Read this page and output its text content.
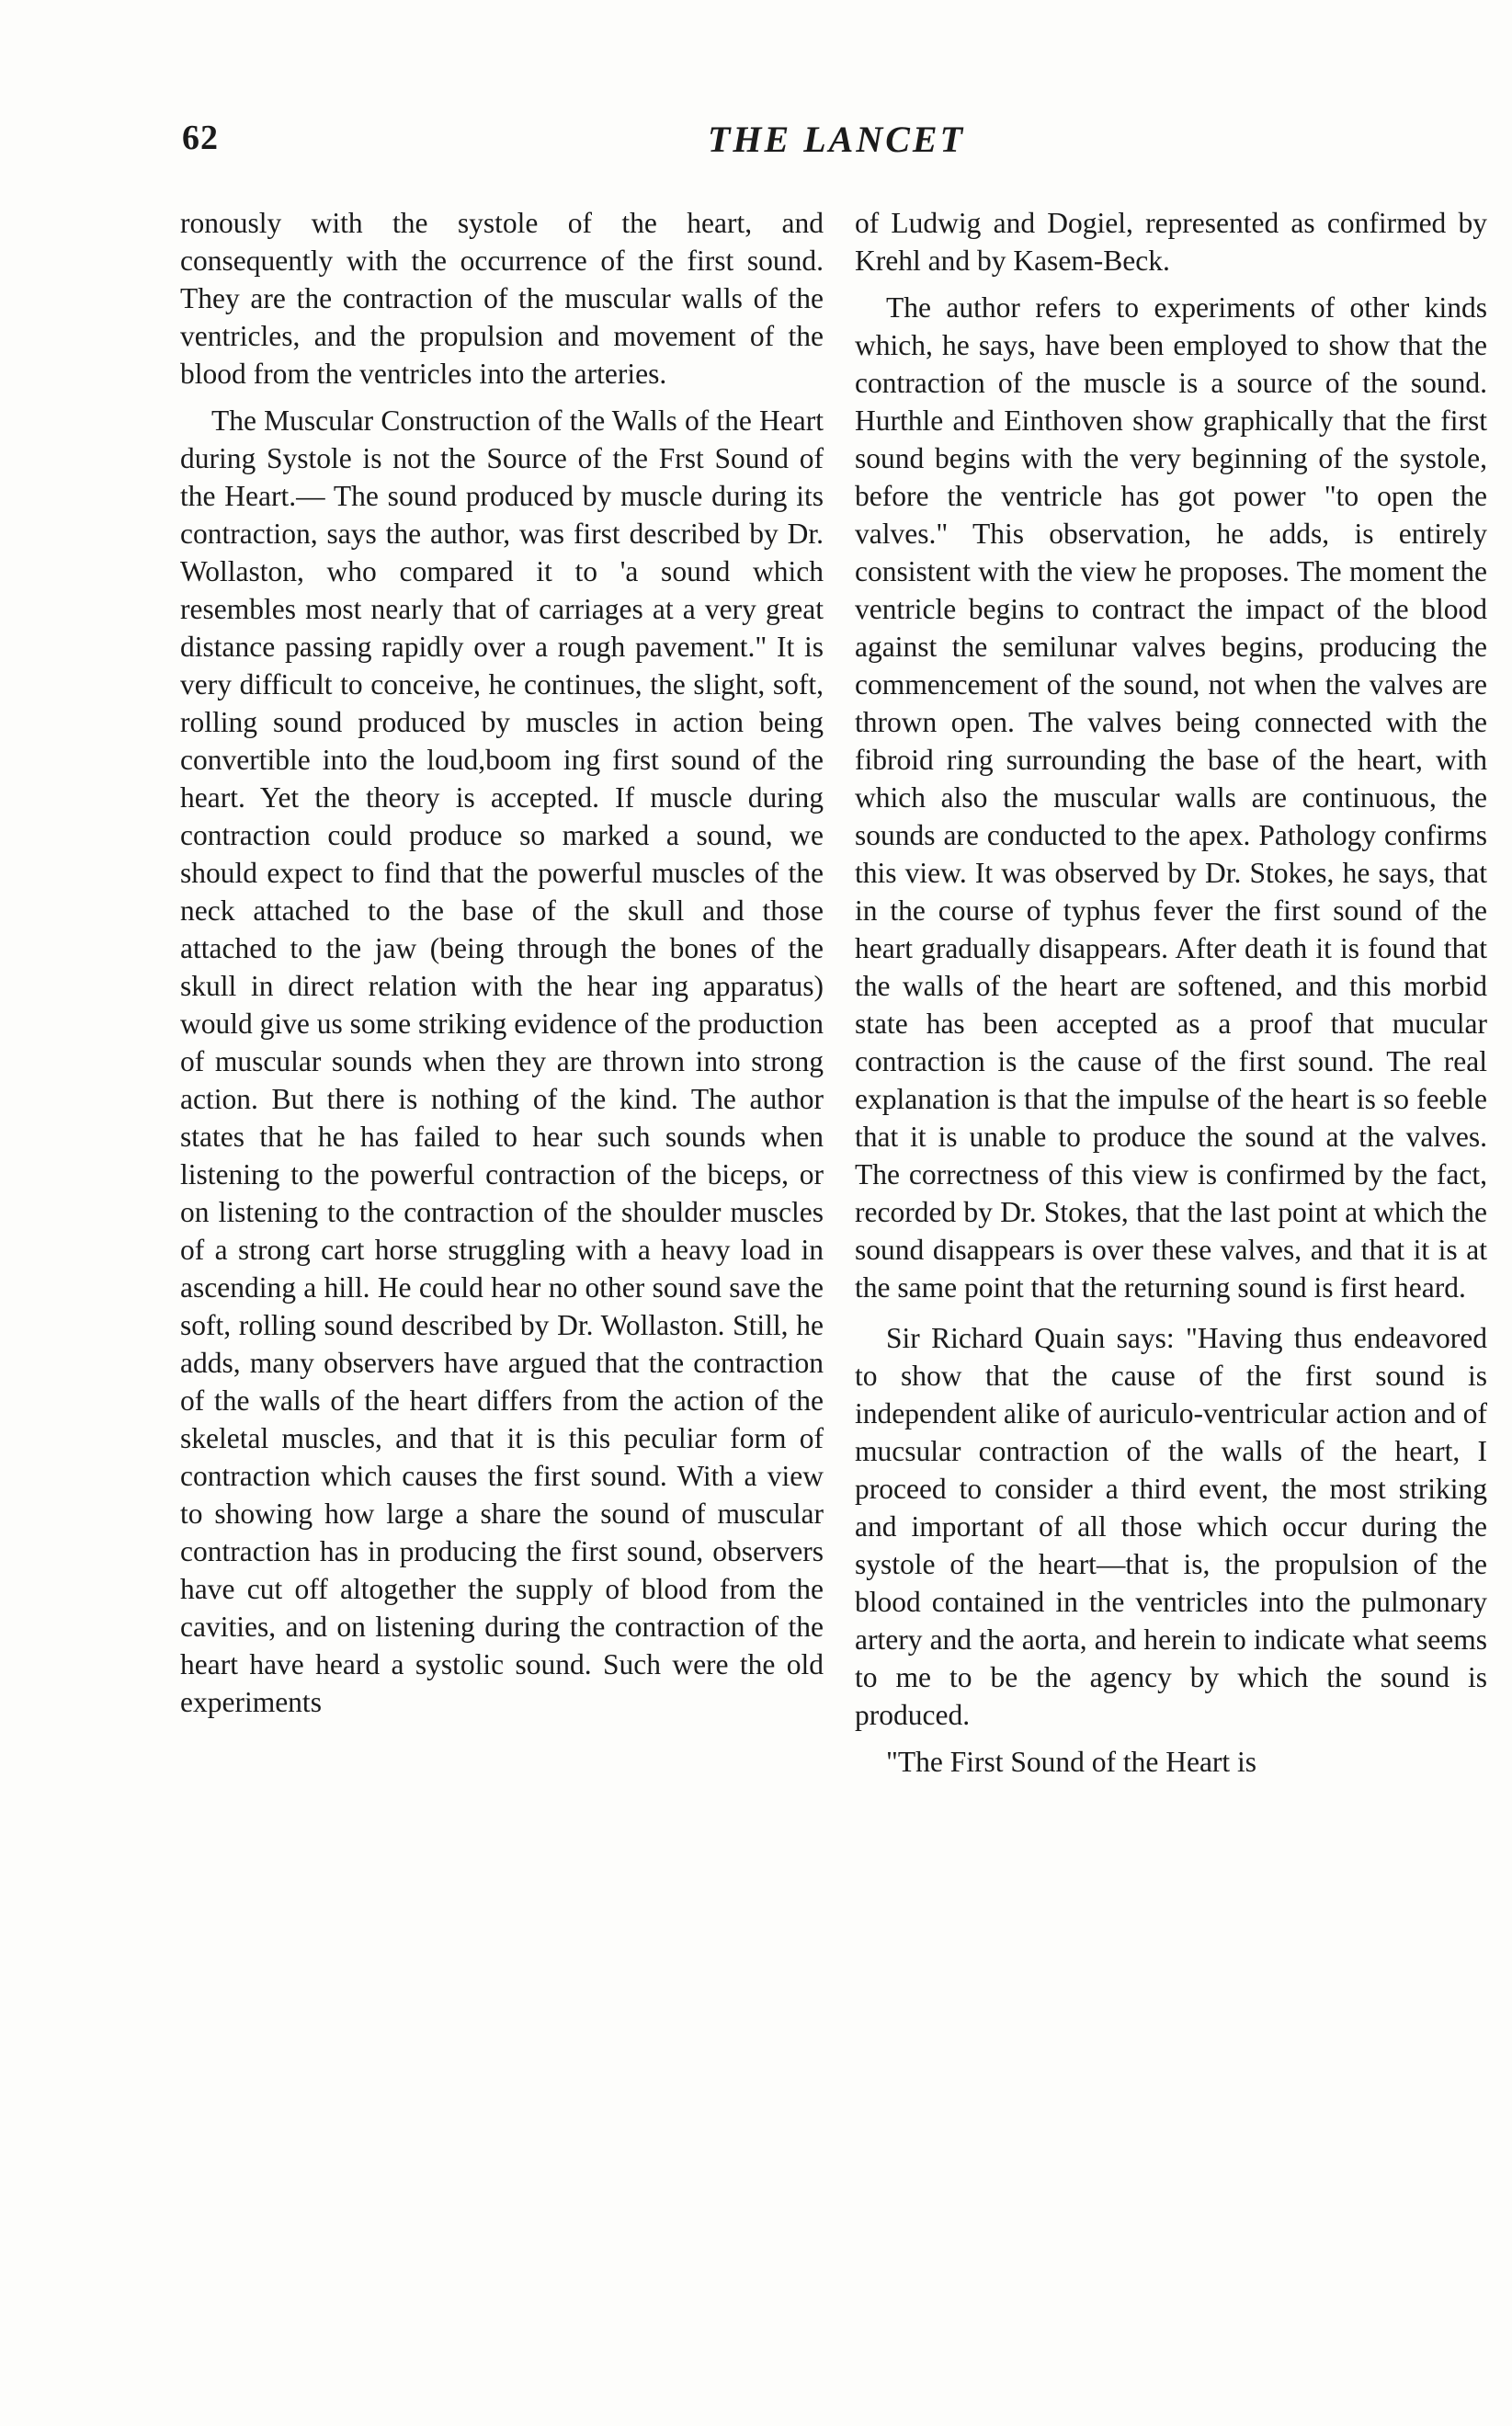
62	THE LANCET

ronously with the systole of the heart, and consequently with the occurrence of the first sound. They are the contraction of the muscular walls of the ventricles, and the propulsion and movement of the blood from the ventricles into the arteries.

The Muscular Construction of the Walls of the Heart during Systole is not the Source of the Frst Sound of the Heart.— The sound produced by muscle during its contraction, says the author, was first described by Dr. Wollaston, who compared it to 'a sound which resembles most nearly that of carriages at a very great distance passing rapidly over a rough pavement." It is very difficult to conceive, he continues, the slight, soft, rolling sound produced by muscles in action being convertible into the loud,boom ing first sound of the heart. Yet the theory is accepted. If muscle during contraction could produce so marked a sound, we should expect to find that the powerful muscles of the neck attached to the base of the skull and those attached to the jaw (being through the bones of the skull in direct relation with the hear ing apparatus) would give us some striking evidence of the production of muscular sounds when they are thrown into strong action. But there is nothing of the kind. The author states that he has failed to hear such sounds when listening to the powerful contraction of the biceps, or on listening to the contraction of the shoulder muscles of a strong cart horse struggling with a heavy load in ascending a hill. He could hear no other sound save the soft, rolling sound described by Dr. Wollaston. Still, he adds, many observers have argued that the contraction of the walls of the heart differs from the action of the skeletal muscles, and that it is this peculiar form of contraction which causes the first sound. With a view to showing how large a share the sound of muscular contraction has in producing the first sound, observers have cut off altogether the supply of blood from the cavities, and on listening during the contraction of the heart have heard a systolic sound. Such were the old experiments

of Ludwig and Dogiel, represented as confirmed by Krehl and by Kasem-Beck.

The author refers to experiments of other kinds which, he says, have been employed to show that the contraction of the muscle is a source of the sound. Hurthle and Einthoven show graphically that the first sound begins with the very beginning of the systole, before the ventricle has got power "to open the valves." This observation, he adds, is entirely consistent with the view he proposes. The moment the ventricle begins to contract the impact of the blood against the semilunar valves begins, producing the commencement of the sound, not when the valves are thrown open. The valves being connected with the fibroid ring surrounding the base of the heart, with which also the muscular walls are continuous, the sounds are conducted to the apex. Pathology confirms this view. It was observed by Dr. Stokes, he says, that in the course of typhus fever the first sound of the heart gradually disappears. After death it is found that the walls of the heart are softened, and this morbid state has been accepted as a proof that mucular contraction is the cause of the first sound. The real explanation is that the impulse of the heart is so feeble that it is unable to produce the sound at the valves. The correctness of this view is confirmed by the fact, recorded by Dr. Stokes, that the last point at which the sound disappears is over these valves, and that it is at the same point that the returning sound is first heard.

Sir Richard Quain says: "Having thus endeavored to show that the cause of the first sound is independent alike of auriculo-ventricular action and of mucsular contraction of the walls of the heart, I proceed to consider a third event, the most striking and important of all those which occur during the systole of the heart—that is, the propulsion of the blood contained in the ventricles into the pulmonary artery and the aorta, and herein to indicate what seems to me to be the agency by which the sound is produced.

"The First Sound of the Heart is
